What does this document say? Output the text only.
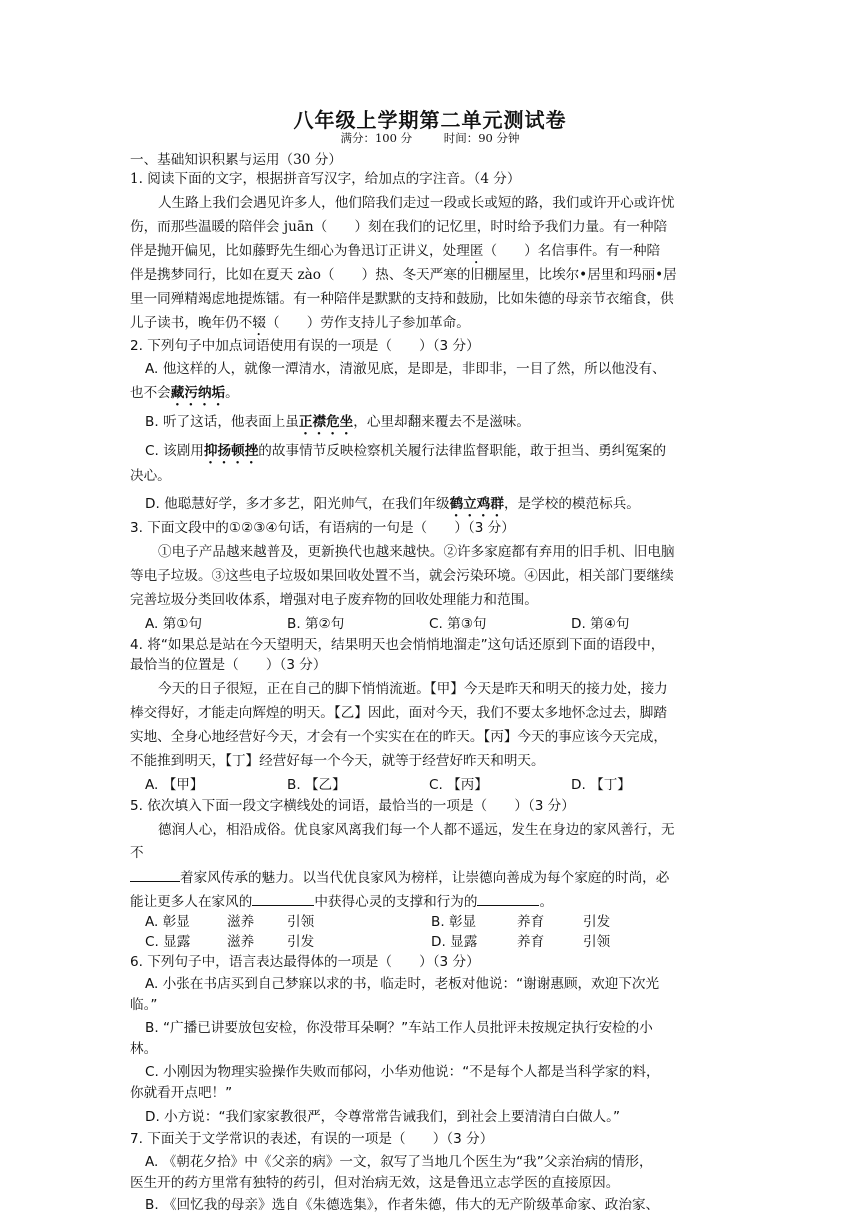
八年级上学期第二单元测试卷
满分：100 分	时间：90 分钟
一、基础知识积累与运用（30 分）
1. 阅读下面的文字，根据拼音写汉字，给加点的字注音。（4 分）
人生路上我们会遇见许多人，他们陪我们走过一段或长或短的路，我们或许开心或许忧
伤，而那些温暖的陪伴会 juān（　　）刻在我们的记忆里，时时给予我们力量。有一种陪
伴是抛开偏见，比如藤野先生细心为鲁迅订正讲义，处理匿（　　）名信事件。有一种陪
伴是携梦同行，比如在夏天 zào（　　）热、冬天严寒的旧棚屋里，比埃尔•居里和玛丽•居
里一同殚精竭虑地提炼镭。有一种陪伴是默默的支持和鼓励，比如朱德的母亲节衣缩食，供
儿子读书，晚年仍不辍（　　）劳作支持儿子参加革命。
2. 下列句子中加点词语使用有误的一项是（　　）（3 分）
A. 他这样的人，就像一潭清水，清澈见底，是即是，非即非，一目了然，所以他没有、
也不会藏污纳垢。
B. 听了这话，他表面上虽正襟危坐，心里却翻来覆去不是滋味。
C. 该剧用抑扬顿挫的故事情节反映检察机关履行法律监督职能，敢于担当、勇纠冤案的
决心。
D. 他聪慧好学，多才多艺，阳光帅气，在我们年级鹤立鸡群，是学校的模范标兵。
3. 下面文段中的①②③④句话，有语病的一句是（　　）（3 分）
①电子产品越来越普及，更新换代也越来越快。②许多家庭都有弃用的旧手机、旧电脑
等电子垃圾。③这些电子垃圾如果回收处置不当，就会污染环境。④因此，相关部门要继续
完善垃圾分类回收体系，增强对电子废弃物的回收处理能力和范围。
A. 第①句	B. 第②句	C. 第③句	D. 第④句
4. 将“如果总是站在今天望明天，结果明天也会悄悄地溜走”这句话还原到下面的语段中，
最恰当的位置是（　　）（3 分）
今天的日子很短，正在自己的脚下悄悄流逝。【甲】今天是昨天和明天的接力处，接力
棒交得好，才能走向辉煌的明天。【乙】因此，面对今天，我们不要太多地怀念过去，脚踏
实地、全身心地经营好今天，才会有一个实实在在的昨天。【丙】今天的事应该今天完成，
不能推到明天，【丁】经营好每一个今天，就等于经营好昨天和明天。
A. 【甲】	B. 【乙】	C. 【丙】	D. 【丁】
5. 依次填入下面一段文字横线处的词语，最恰当的一项是（　　）（3 分）
德润人心，相沿成俗。优良家风离我们每一个人都不遥远，发生在身边的家风善行，无
不
着家风传承的魅力。以当代优良家风为榜样，让崇德向善成为每个家庭的时尚，必
能让更多人在家风的	中获得心灵的支撑和行为的	。
A. 彰显	滋养 引领	B. 彰显	养育	引发
C. 显露	滋养 引发	D. 显露	养育	引领
6. 下列句子中，语言表达最得体的一项是（　　）（3 分）
A. 小张在书店买到自己梦寐以求的书，临走时，老板对他说：“谢谢惠顾，欢迎下次光
临。”
B. “广播已讲要放包安检，你没带耳朵啊？”车站工作人员批评未按规定执行安检的小
林。
C. 小刚因为物理实验操作失败而郁闷，小华劝他说：“不是每个人都是当科学家的料，
你就看开点吧！”
D. 小方说：“我们家家教很严，令尊常常告诫我们，到社会上要清清白白做人。”
7. 下面关于文学常识的表述，有误的一项是（　　）（3 分）
A. 《朝花夕拾》中《父亲的病》一文，叙写了当地几个医生为“我”父亲治病的情形，
医生开的药方里常有独特的药引，但对治病无效，这是鲁迅立志学医的直接原因。
B. 《回忆我的母亲》选自《朱德选集》，作者朱德，伟大的无产阶级革命家、政治家、
